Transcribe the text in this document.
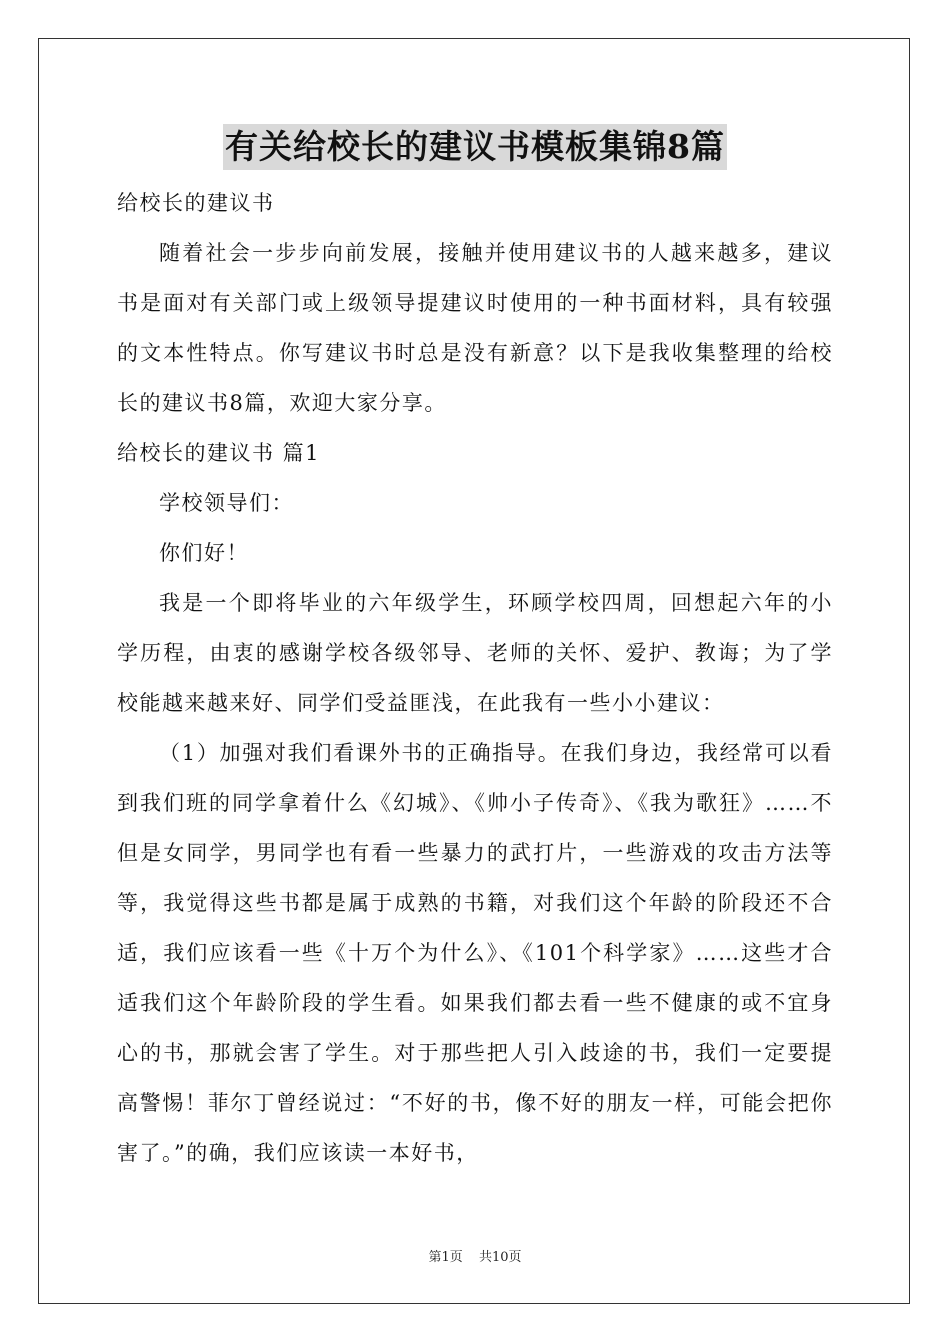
有关给校长的建议书模板集锦8篇

给校长的建议书

随着社会一步步向前发展，接触并使用建议书的人越来越多，建议书是面对有关部门或上级领导提建议时使用的一种书面材料，具有较强的文本性特点。你写建议书时总是没有新意？以下是我收集整理的给校长的建议书8篇，欢迎大家分享。

给校长的建议书 篇1

学校领导们：

你们好！

我是一个即将毕业的六年级学生，环顾学校四周，回想起六年的小学历程，由衷的感谢学校各级邻导、老师的关怀、爱护、教诲；为了学校能越来越来好、同学们受益匪浅，在此我有一些小小建议：

（1）加强对我们看课外书的正确指导。在我们身边，我经常可以看到我们班的同学拿着什么《幻城》、《帅小子传奇》、《我为歌狂》……不但是女同学，男同学也有看一些暴力的武打片，一些游戏的攻击方法等等，我觉得这些书都是属于成熟的书籍，对我们这个年龄的阶段还不合适，我们应该看一些《十万个为什么》、《101个科学家》……这些才合适我们这个年龄阶段的学生看。如果我们都去看一些不健康的或不宜身心的书，那就会害了学生。对于那些把人引入歧途的书，我们一定要提高警惕！菲尔丁曾经说过：“不好的书，像不好的朋友一样，可能会把你害了。”的确，我们应该读一本好书，

第1页 共10页
